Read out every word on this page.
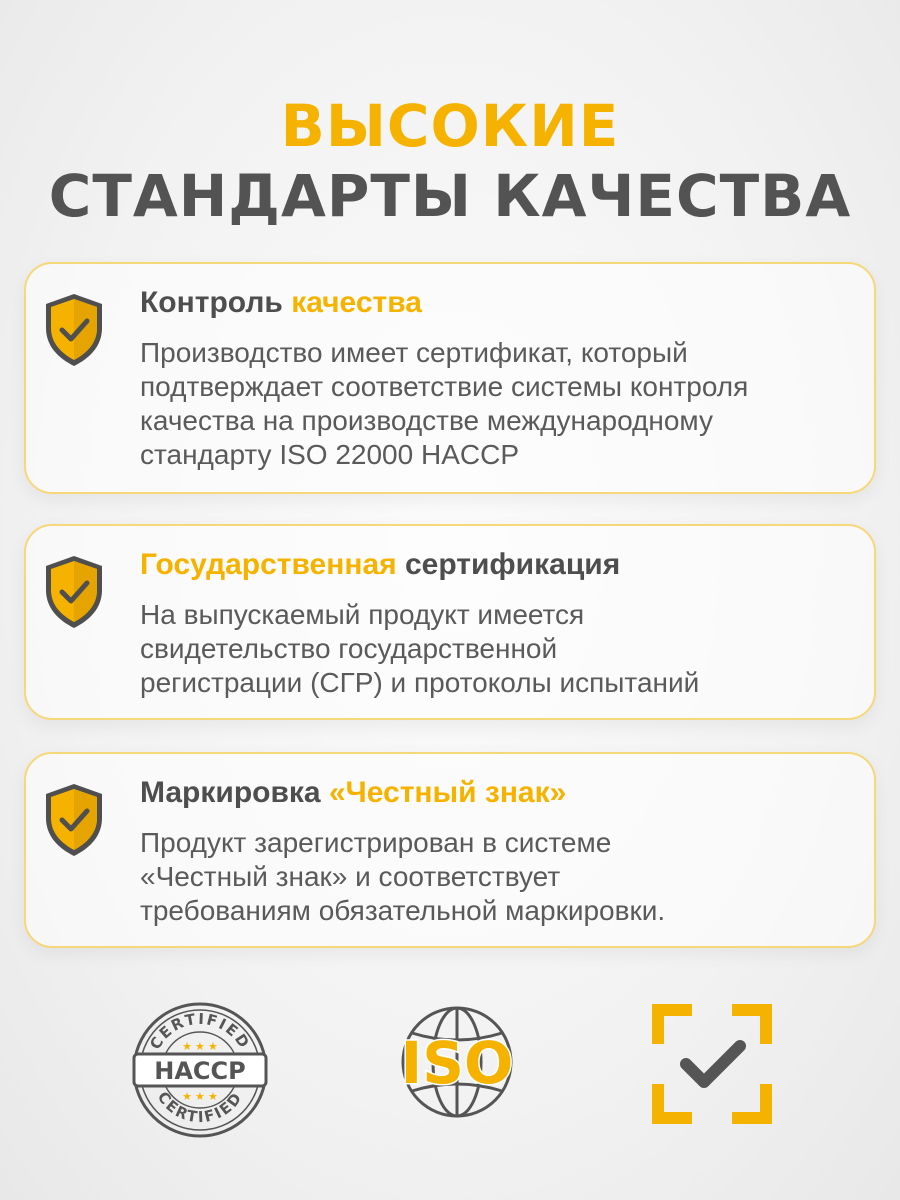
ВЫСОКИЕ
СТАНДАРТЫ КАЧЕСТВА
Контроль качества
Производство имеет сертификат, который
подтверждает соответствие системы контроля
качества на производстве международному
стандарту ISO 22000 HACCP
Государственная сертификация
На выпускаемый продукт имеется
свидетельство государственной
регистрации (СГР) и протоколы испытаний
Маркировка «Честный знак»
Продукт зарегистрирован в системе
«Честный знак» и соответствует
требованиям обязательной маркировки.
CERTIFIED
CERTIFIED
HACCP
★ ★ ★
★ ★ ★	ISO
